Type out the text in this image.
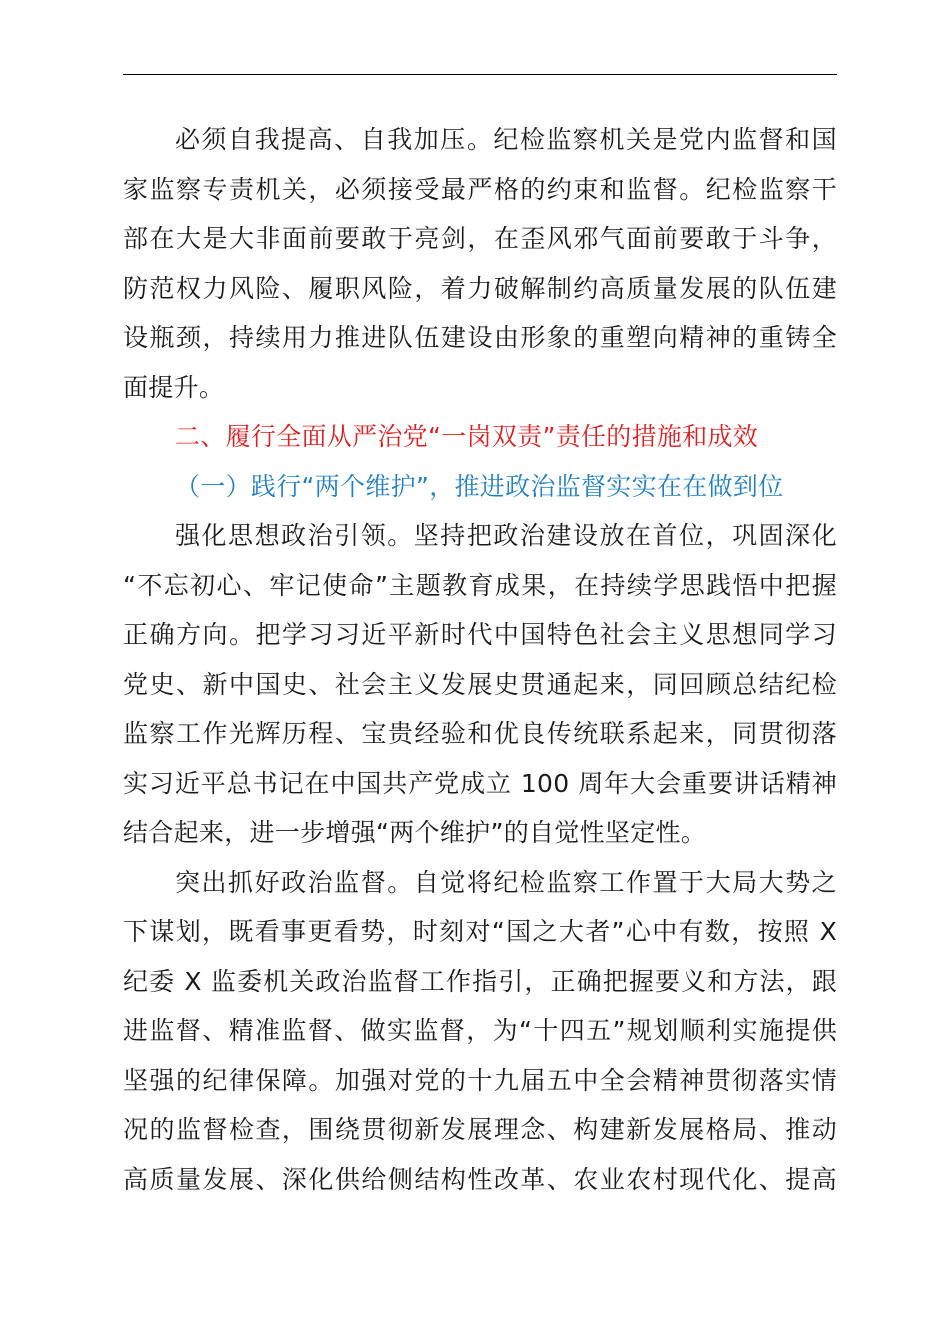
必须自我提高、自我加压。纪检监察机关是党内监督和国
家监察专责机关，必须接受最严格的约束和监督。纪检监察干
部在大是大非面前要敢于亮剑，在歪风邪气面前要敢于斗争，
防范权力风险、履职风险，着力破解制约高质量发展的队伍建
设瓶颈，持续用力推进队伍建设由形象的重塑向精神的重铸全
面提升。
二、履行全面从严治党“一岗双责”责任的措施和成效
（一）践行“两个维护”，推进政治监督实实在在做到位
强化思想政治引领。坚持把政治建设放在首位，巩固深化
“不忘初心、牢记使命”主题教育成果，在持续学思践悟中把握
正确方向。把学习习近平新时代中国特色社会主义思想同学习
党史、新中国史、社会主义发展史贯通起来，同回顾总结纪检
监察工作光辉历程、宝贵经验和优良传统联系起来，同贯彻落
实习近平总书记在中国共产党成立 100 周年大会重要讲话精神
结合起来，进一步增强“两个维护”的自觉性坚定性。
突出抓好政治监督。自觉将纪检监察工作置于大局大势之
下谋划，既看事更看势，时刻对“国之大者”心中有数，按照 X
纪委 X 监委机关政治监督工作指引，正确把握要义和方法，跟
进监督、精准监督、做实监督，为“十四五”规划顺利实施提供
坚强的纪律保障。加强对党的十九届五中全会精神贯彻落实情
况的监督检查，围绕贯彻新发展理念、构建新发展格局、推动
高质量发展、深化供给侧结构性改革、农业农村现代化、提高
